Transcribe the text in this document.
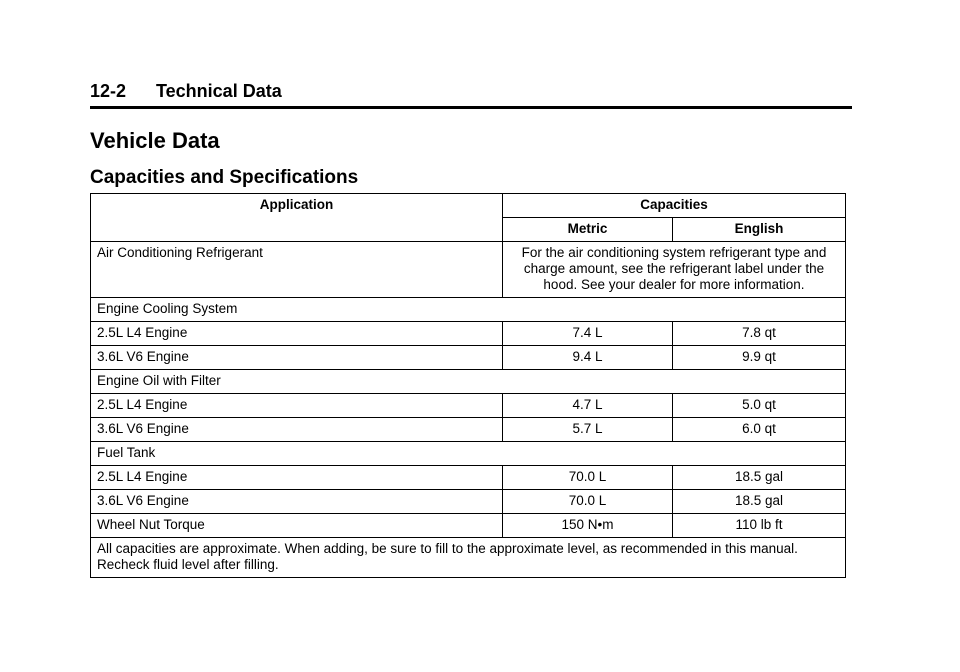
12-2 Technical Data
Vehicle Data
Capacities and Specifications
Application	Capacities	
	Metric	English
Air Conditioning Refrigerant	For the air conditioning system refrigerant type and charge amount, see the refrigerant label under the hood. See your dealer for more information.	
Engine Cooling System		
2.5L L4 Engine	7.4 L	7.8 qt
3.6L V6 Engine	9.4 L	9.9 qt
Engine Oil with Filter		
2.5L L4 Engine	4.7 L	5.0 qt
3.6L V6 Engine	5.7 L	6.0 qt
Fuel Tank		
2.5L L4 Engine	70.0 L	18.5 gal
3.6L V6 Engine	70.0 L	18.5 gal
Wheel Nut Torque	150 N•m	110 lb ft
All capacities are approximate. When adding, be sure to fill to the approximate level, as recommended in this manual. Recheck fluid level after filling.		
